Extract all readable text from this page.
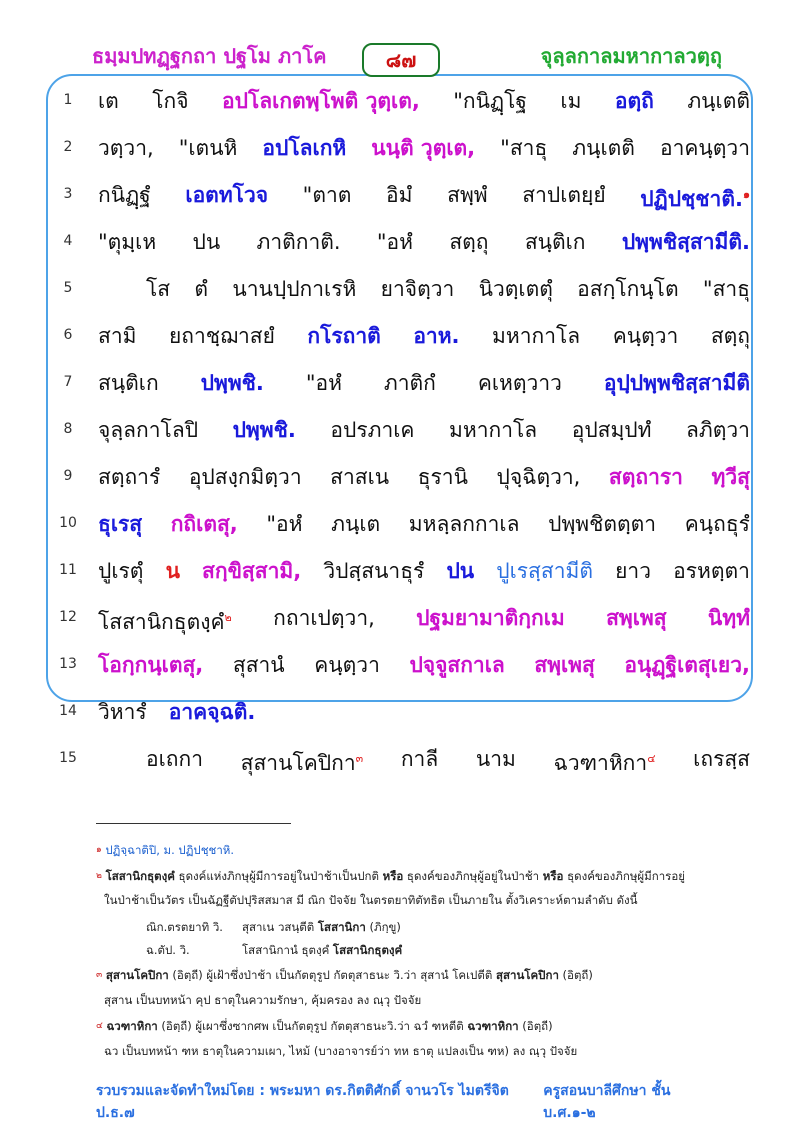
ธมฺมปทฏฺฐกถา ปฐโม ภาโค	๘๗	จุลฺลกาลมหากาลวตฺถุ
1	เต โกจิ อปโลเกตพฺโพติ วุตฺเต, "กนิฏฺโฐ เม อตฺถิ ภนฺเตติ
2	วตฺวา, "เตนหิ อปโลเกหิ นนฺติ วุตฺเต, "สาธุ ภนฺเตติ อาคนฺตฺวา
3	กนิฏฺฐํ เอตทโวจ "ตาต อิมํ สพฺพํ สาปเตยฺยํ ปฏิปชฺชาติ.$^๑$
4	"ตุมฺเห ปน ภาติกาติ. "อหํ สตฺถุ สนฺติเก ปพฺพชิสฺสามีติ.
5	โส ตํ นานปฺปกาเรหิ ยาจิตฺวา นิวตฺเตตุํ อสกฺโกนฺโต "สาธุ
6	สามิ ยถาชฺฌาสยํ กโรถาติ อาห. มหากาโล คนฺตฺวา สตฺถุ
7	สนฺติเก ปพฺพชิ. "อหํ ภาติกํ คเหตฺวาว อุปฺปพฺพชิสฺสามีติ
8	จุลฺลกาโลปิ ปพฺพชิ. อปรภาเค มหากาโล อุปสมฺปทํ ลภิตฺวา
9	สตฺถารํ อุปสงฺกมิตฺวา สาสเน ธุรานิ ปุจฺฉิตฺวา, สตฺถารา ทฺวีสุ
10 ธุเรสุ กถิเตสุ, "อหํ ภนฺเต มหลฺลกกาเล ปพฺพชิตตฺตา คนฺถธุรํ
11 ปูเรตุํ น สกฺขิสฺสามิ, วิปสฺสนาธุรํ ปน ปูเรสฺสามีติ ยาว อรหตฺตา
12 โสสานิกธุตงฺคํ$^๒$ กถาเปตฺวา, ปฐมยามาติกฺกเม สพฺเพสุ นิทฺทํ
13 โอกฺกนฺเตสุ, สุสานํ คนฺตฺวา ปจฺจูสกาเล สพฺเพสุ อนุฏฺฐิเตสุเยว,
14 วิหารํ อาคจฺฉติ.
15	อเถกา สุสานโคปิกา$^๓$ กาลี นาม ฉวฑาหิกา$^๔$ เถรสฺส
$^๑$ ปฏิจฺฉาติปิ, ม. ปฏิปชฺชาหิ.
$^๒$ โสสานิกธุตงฺคํ ธุดงค์แห่งภิกษุผู้มีการอยู่ในป่าช้าเป็นปกติ หรือ ธุดงค์ของภิกษุผู้อยู่ในป่าช้า หรือ ธุดงค์ของภิกษุผู้มีการอยู่
ในป่าช้าเป็นวัตร เป็นฉัฏฐีตัปปุริสสมาส มี ณิก ปัจจัย ในตรตยาทิตัทธิต เป็นภายใน ตั้งวิเคราะห์ตามลำดับ ดังนี้
ณิก.ตรตยาทิ วิ. สุสาเน วสนฺตีติ โสสานิกา (ภิกฺขู)
ฉ.ตัป. วิ.	โสสานิกานํ ธุตงฺคํ โสสานิกธุตงฺคํ
$^๓$ สุสานโคปิกา (อิตฺถี) ผู้เฝ้าซึ่งป่าช้า เป็นกัตตุรูป กัตตุสาธนะ วิ.ว่า สุสานํ โคเปตีติ สุสานโคปิกา (อิตฺถี)
สุสาน เป็นบทหน้า คุป ธาตุในความรักษา, คุ้มครอง ลง ณฺวุ ปัจจัย
$^๔$ ฉวฑาหิกา (อิตฺถี) ผู้เผาซึ่งซากศพ เป็นกัตตุรูป กัตตุสาธนะวิ.ว่า ฉวํ ฑหตีติ ฉวฑาหิกา (อิตฺถี)
ฉว เป็นบทหน้า ฑห ธาตุในความเผา, ไหม้ (บางอาจารย์ว่า ทห ธาตุ แปลงเป็น ฑห) ลง ณฺวุ ปัจจัย
รวบรวมและจัดทำใหม่โดย : พระมหา ดร.กิตติศักดิ์ จานวโร ไมตรีจิต ป.ธ.๗
ครูสอนบาลีศึกษา ชั้น บ.ศ.๑-๒
